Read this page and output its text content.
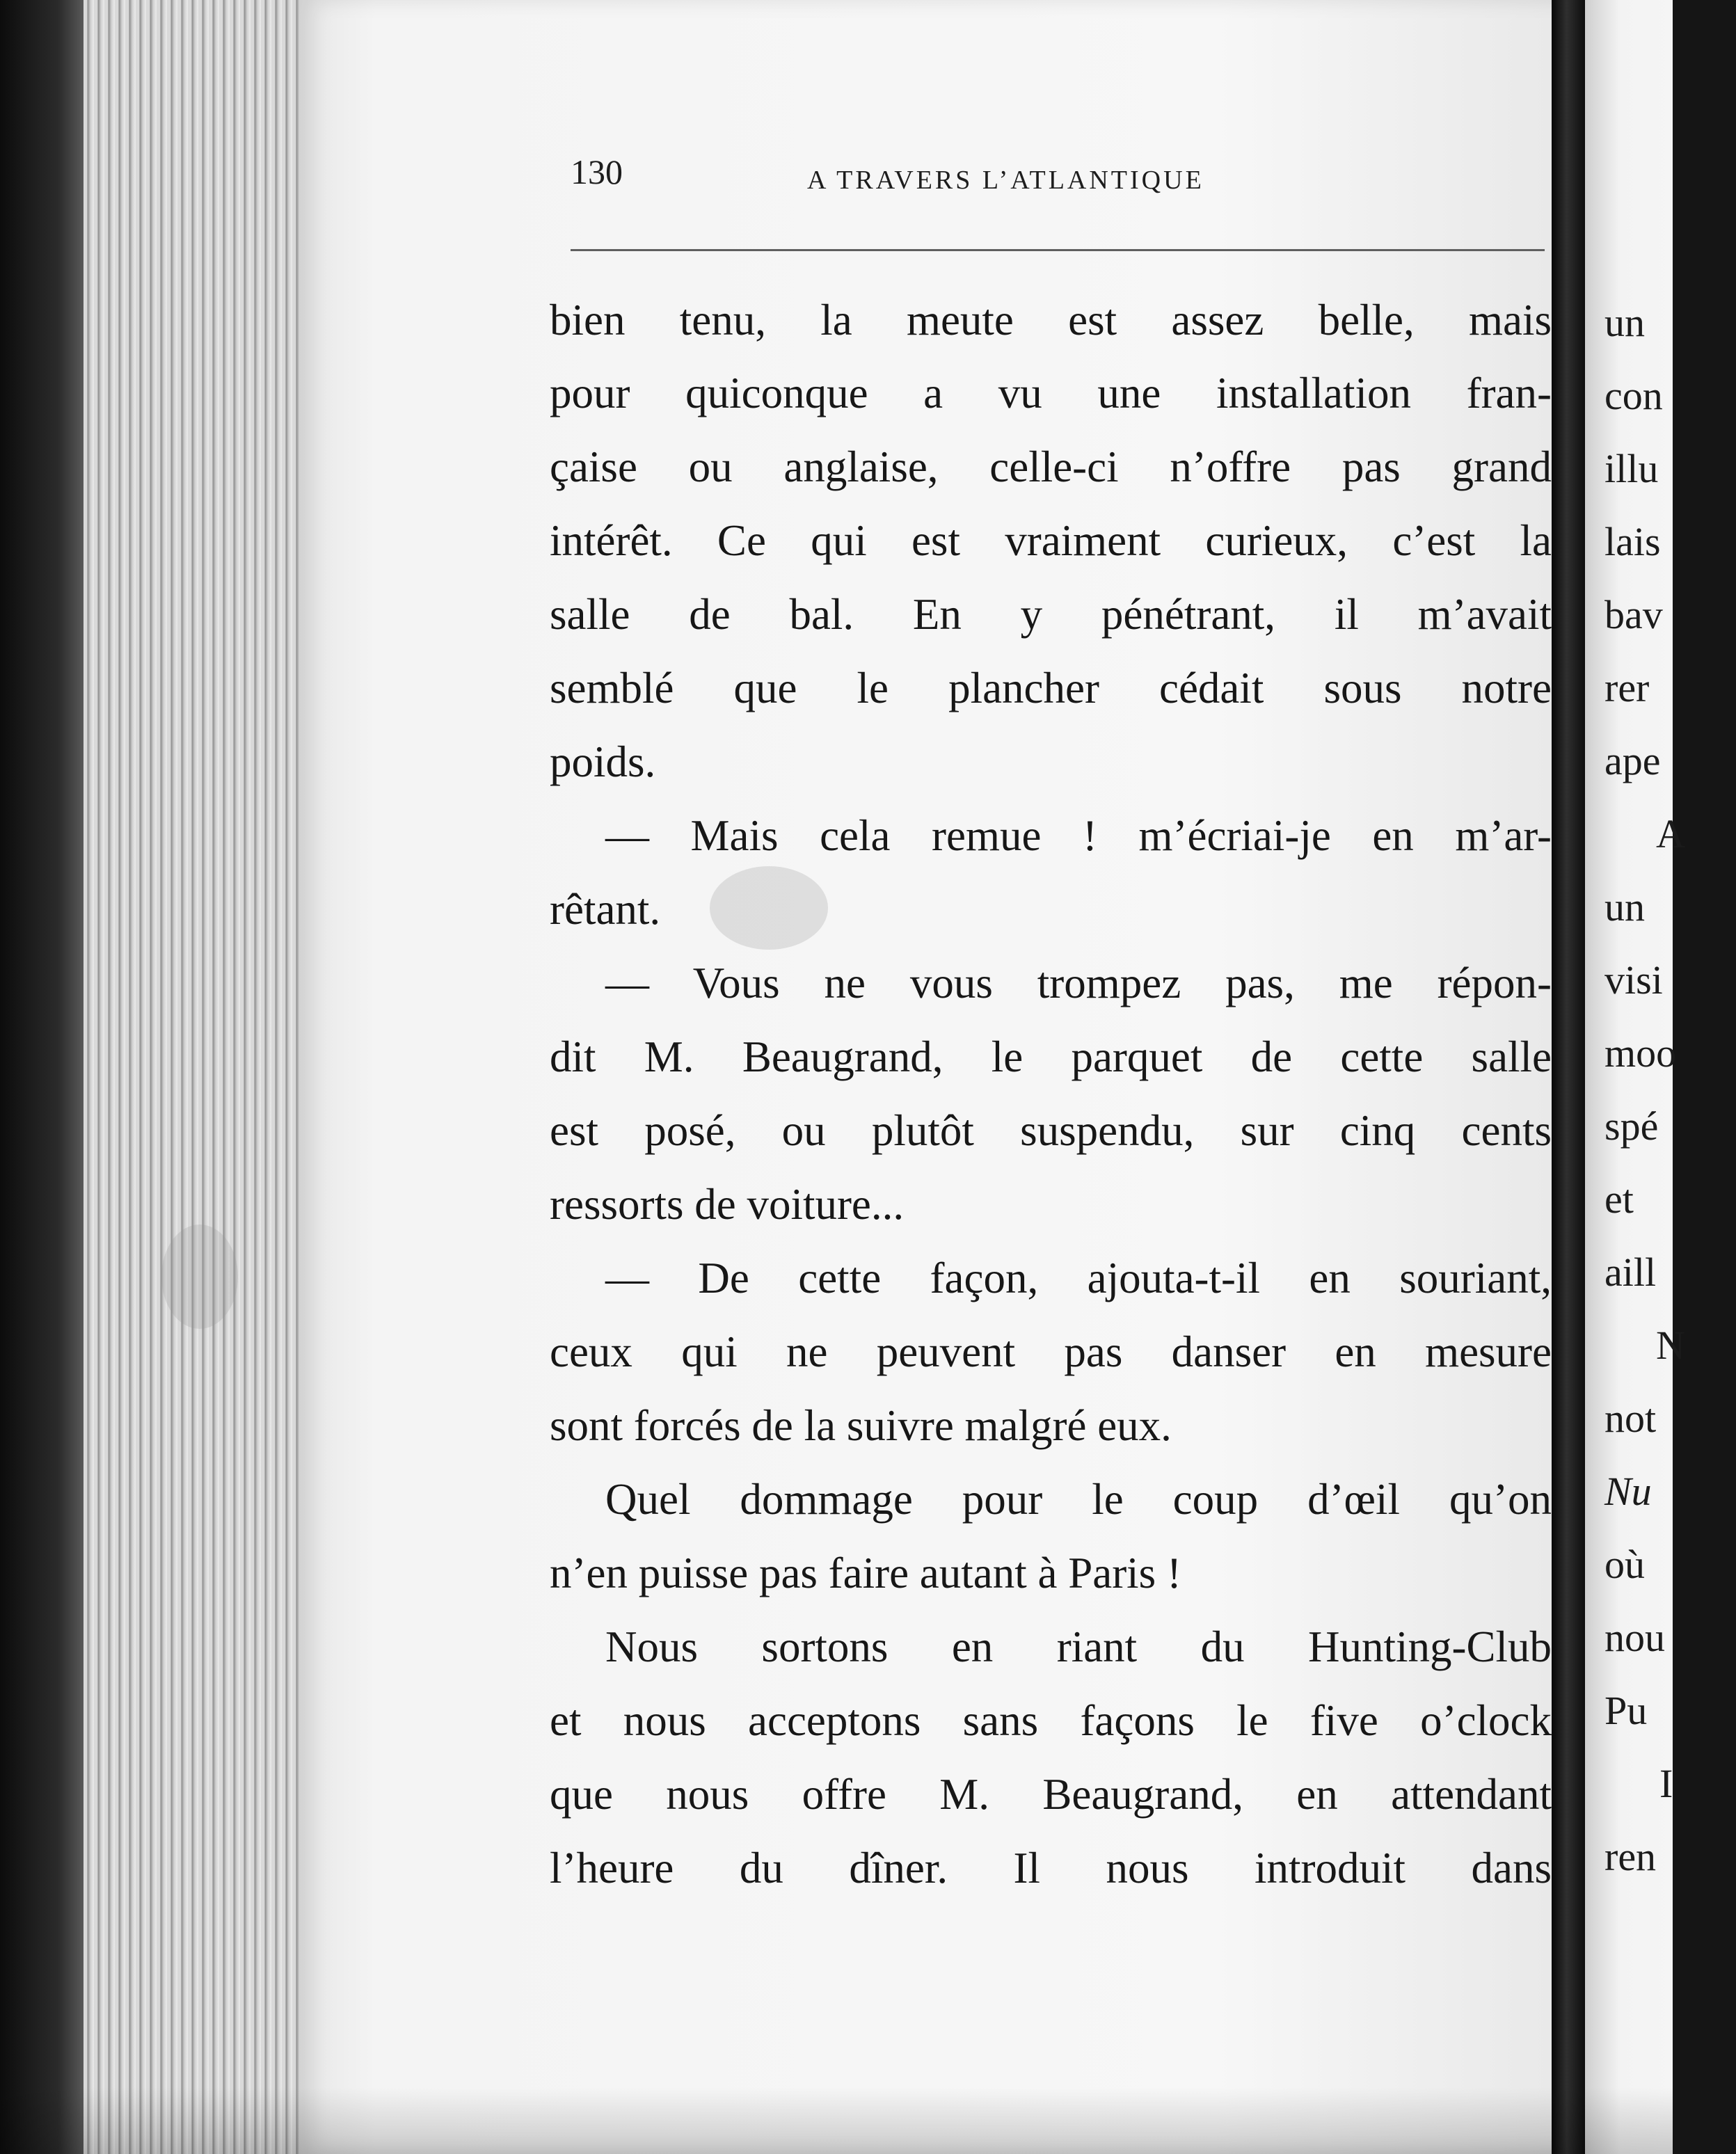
130	A TRAVERS L’ATLANTIQUE
bien tenu, la meute est assez belle, mais
pour quiconque a vu une installation fran-
çaise ou anglaise, celle-ci n’offre pas grand
intérêt. Ce qui est vraiment curieux, c’est la
salle de bal. En y pénétrant, il m’avait
semblé que le plancher cédait sous notre
poids.
— Mais cela remue ! m’écriai-je en m’ar-
rêtant.
— Vous ne vous trompez pas, me répon-
dit M. Beaugrand, le parquet de cette salle
est posé, ou plutôt suspendu, sur cinq cents
ressorts de voiture...
— De cette façon, ajouta-t-il en souriant,
ceux qui ne peuvent pas danser en mesure
sont forcés de la suivre malgré eux.
Quel dommage pour le coup d’œil qu’on
n’en puisse pas faire autant à Paris !
Nous sortons en riant du Hunting-Club
et nous acceptons sans façons le five o’clock
que nous offre M. Beaugrand, en attendant
l’heure du dîner. Il nous introduit dans
un
con
illu
lais
bav
rer
ape
A
un
visi
moo
spé
et
aill
N
not
Nu
où
nou
Pu
I
ren
